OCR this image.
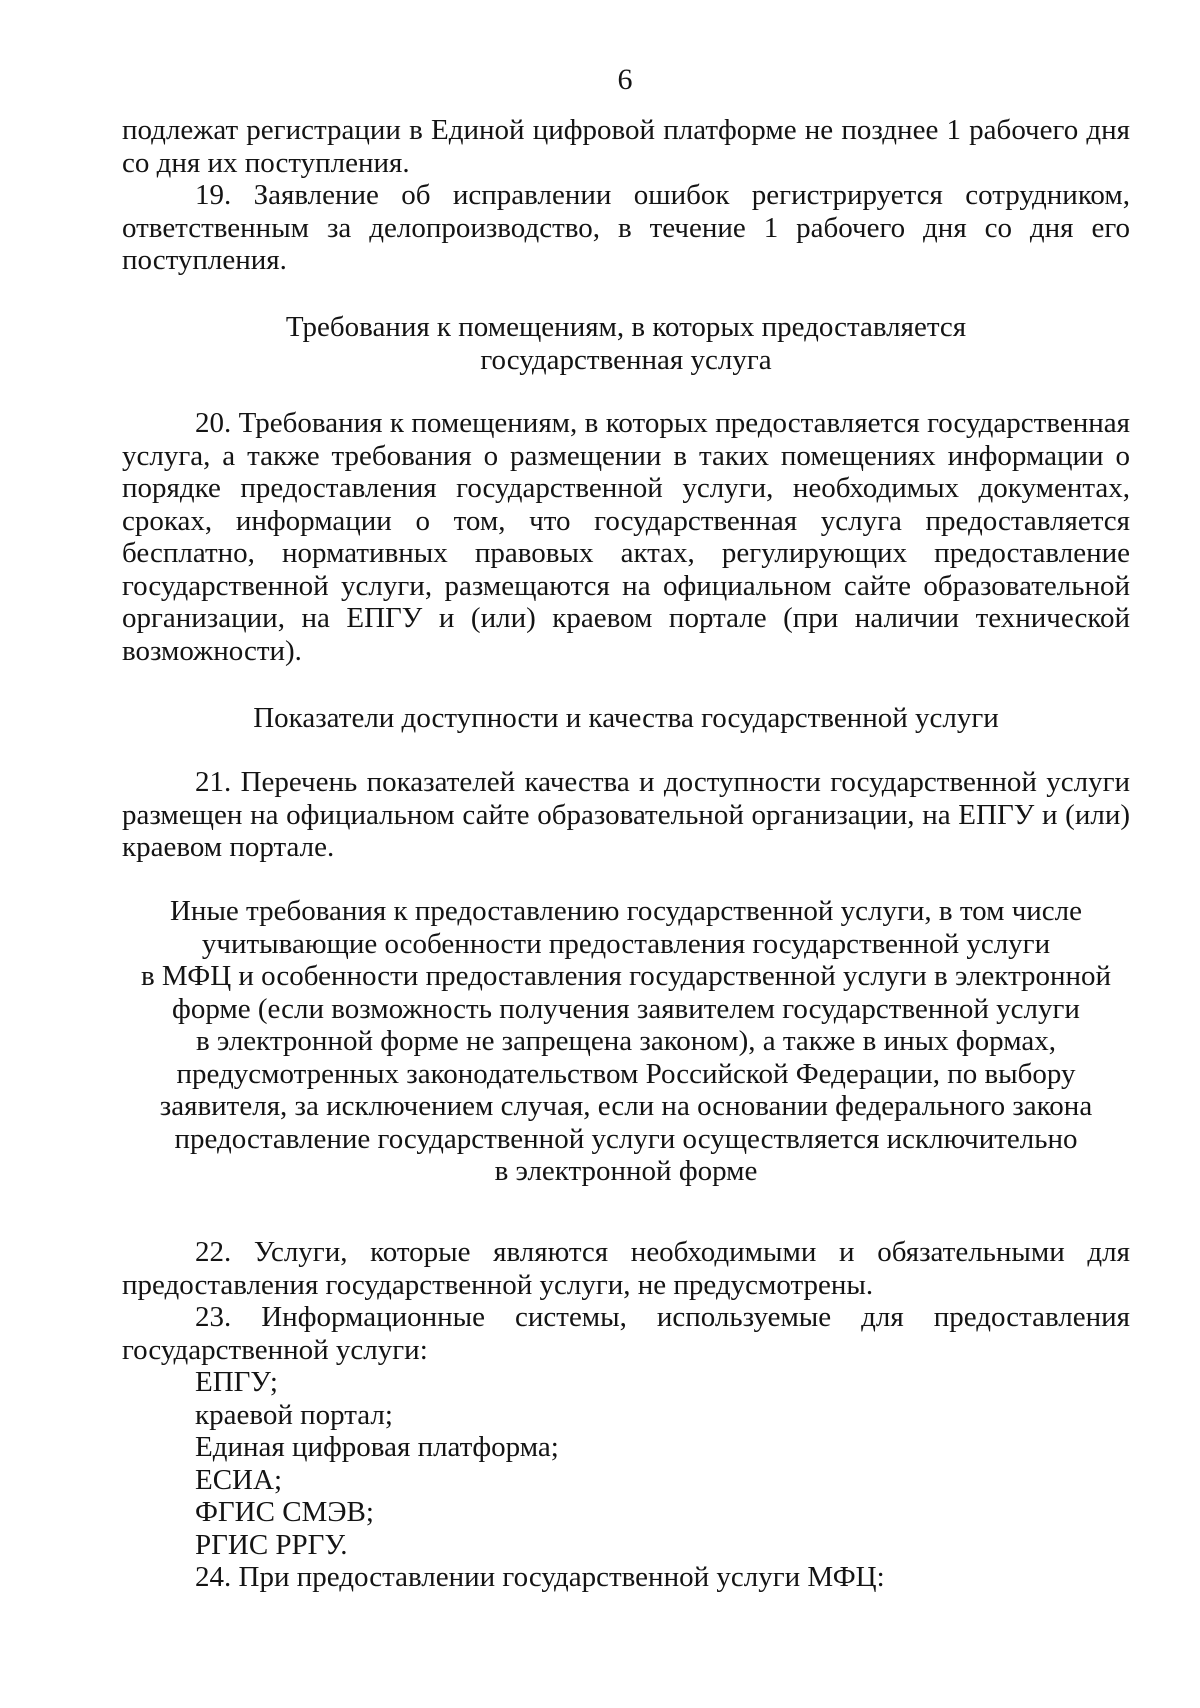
6

подлежат регистрации в Единой цифровой платформе не позднее 1 рабочего дня со дня их поступления.

19. Заявление об исправлении ошибок регистрируется сотрудником, ответственным за делопроизводство, в течение 1 рабочего дня со дня его поступления.

Требования к помещениям, в которых предоставляется
государственная услуга

20. Требования к помещениям, в которых предоставляется государственная услуга, а также требования о размещении в таких помещениях информации о порядке предоставления государственной услуги, необходимых документах, сроках, информации о том, что государственная услуга предоставляется бесплатно, нормативных правовых актах, регулирующих предоставление государственной услуги, размещаются на официальном сайте образовательной организации, на ЕПГУ и (или) краевом портале (при наличии технической возможности).

Показатели доступности и качества государственной услуги

21. Перечень показателей качества и доступности государственной услуги размещен на официальном сайте образовательной организации, на ЕПГУ и (или) краевом портале.

Иные требования к предоставлению государственной услуги, в том числе
учитывающие особенности предоставления государственной услуги
в МФЦ и особенности предоставления государственной услуги в электронной
форме (если возможность получения заявителем государственной услуги
в электронной форме не запрещена законом), а также в иных формах,
предусмотренных законодательством Российской Федерации, по выбору
заявителя, за исключением случая, если на основании федерального закона
предоставление государственной услуги осуществляется исключительно
в электронной форме

22. Услуги, которые являются необходимыми и обязательными для предоставления государственной услуги, не предусмотрены.

23. Информационные системы, используемые для предоставления государственной услуги:

ЕПГУ;
краевой портал;
Единая цифровая платформа;
ЕСИА;
ФГИС СМЭВ;
РГИС РРГУ.

24. При предоставлении государственной услуги МФЦ:
